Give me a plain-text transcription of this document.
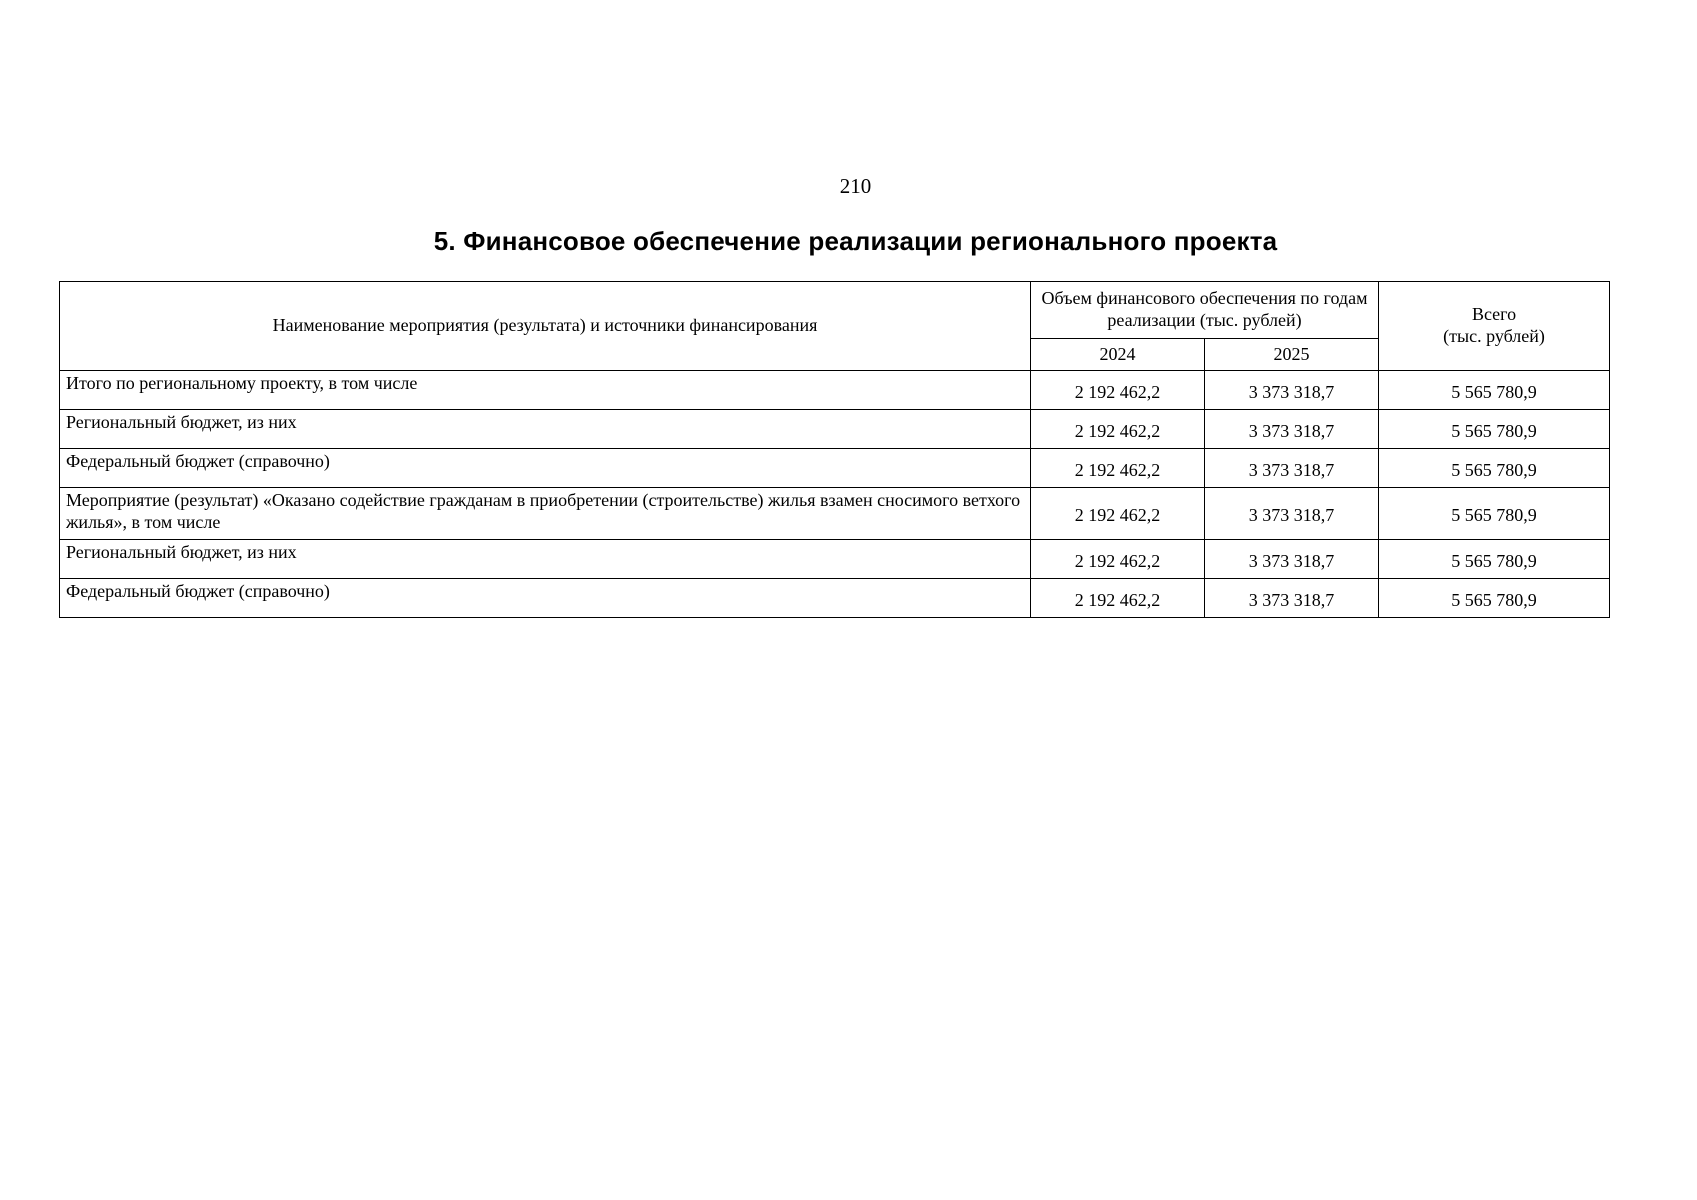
210
5. Финансовое обеспечение реализации регионального проекта
Наименование мероприятия (результата) и источники финансирования	Объем финансового обеспечения по годам реализации (тыс. рублей)		Всего
(тыс. рублей)
	2024	2025	
Итого по региональному проекту, в том числе	2 192 462,2	3 373 318,7	5 565 780,9
Региональный бюджет, из них	2 192 462,2	3 373 318,7	5 565 780,9
Федеральный бюджет (справочно)	2 192 462,2	3 373 318,7	5 565 780,9
Мероприятие (результат) «Оказано содействие гражданам в приобретении (строительстве) жилья взамен сносимого ветхого жилья», в том числе	2 192 462,2	3 373 318,7	5 565 780,9
Региональный бюджет, из них	2 192 462,2	3 373 318,7	5 565 780,9
Федеральный бюджет (справочно)	2 192 462,2	3 373 318,7	5 565 780,9
